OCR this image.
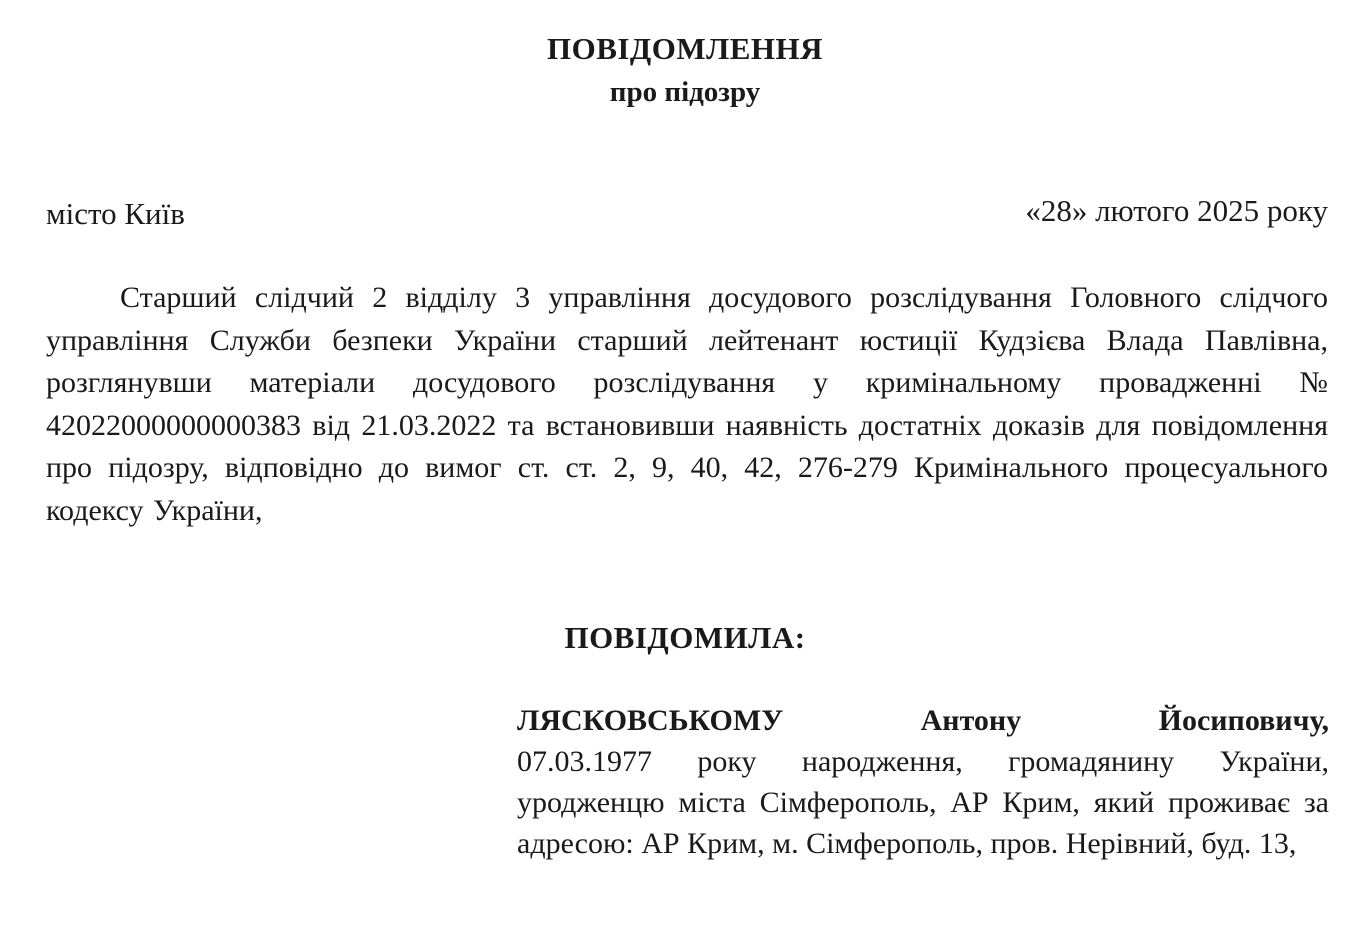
ПОВІДОМЛЕННЯ
про підозру
місто Київ	«28» лютого 2025 року
Старший слідчий 2 відділу 3 управління досудового розслідування Головного слідчого управління Служби безпеки України старший лейтенант юстиції Кудзієва Влада Павлівна, розглянувши матеріали досудового розслідування у кримінальному провадженні № 42022000000000383 від 21.03.2022 та встановивши наявність достатніх доказів для повідомлення про підозру, відповідно до вимог ст. ст. 2, 9, 40, 42, 276-279 Кримінального процесуального кодексу України,
ПОВІДОМИЛА:
ЛЯСКОВСЬКОМУ	Антону	Йосиповичу,
07.03.1977 року народження, громадянину України, уродженцю міста Сімферополь, АР Крим, який проживає за адресою: АР Крим, м. Сімферополь, пров. Нерівний, буд. 13,
